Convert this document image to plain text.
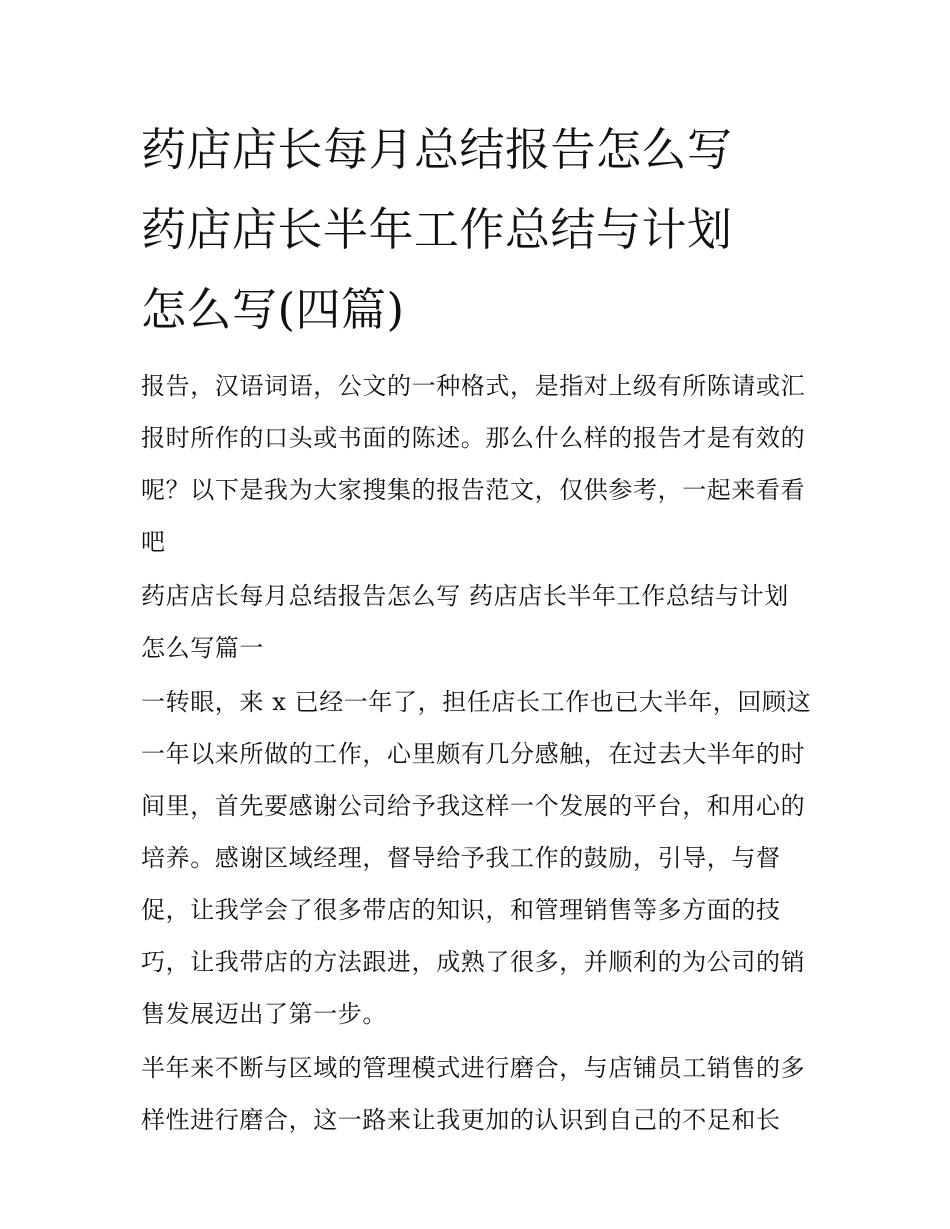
药店店长每月总结报告怎么写
药店店长半年工作总结与计划
怎么写(四篇)

报告，汉语词语，公文的一种格式，是指对上级有所陈请或汇
报时所作的口头或书面的陈述。那么什么样的报告才是有效的
呢？以下是我为大家搜集的报告范文，仅供参考，一起来看看
吧

药店店长每月总结报告怎么写 药店店长半年工作总结与计划
怎么写篇一

一转眼，来 x 已经一年了，担任店长工作也已大半年，回顾这
一年以来所做的工作，心里颇有几分感触，在过去大半年的时
间里，首先要感谢公司给予我这样一个发展的平台，和用心的
培养。感谢区域经理，督导给予我工作的鼓励，引导，与督
促，让我学会了很多带店的知识，和管理销售等多方面的技
巧，让我带店的方法跟进，成熟了很多，并顺利的为公司的销
售发展迈出了第一步。

半年来不断与区域的管理模式进行磨合，与店铺员工销售的多
样性进行磨合，这一路来让我更加的认识到自己的不足和长
